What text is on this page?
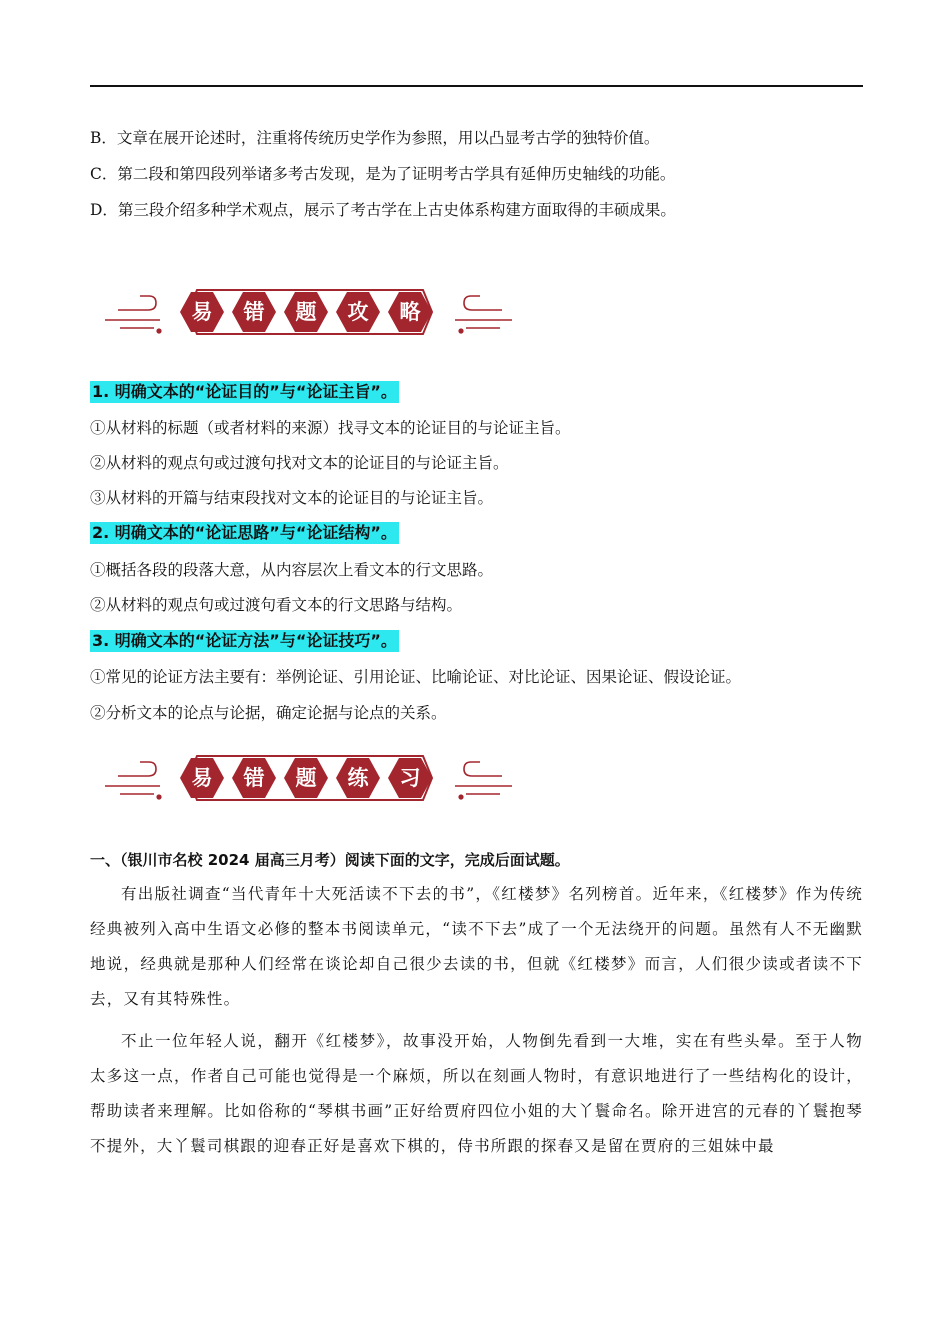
B．文章在展开论述时，注重将传统历史学作为参照，用以凸显考古学的独特价值。
C．第二段和第四段列举诸多考古发现，是为了证明考古学具有延伸历史轴线的功能。
D．第三段介绍多种学术观点，展示了考古学在上古史体系构建方面取得的丰硕成果。
易 错 题 攻 略
1. 明确文本的“论证目的”与“论证主旨”。
①从材料的标题（或者材料的来源）找寻文本的论证目的与论证主旨。
②从材料的观点句或过渡句找对文本的论证目的与论证主旨。
③从材料的开篇与结束段找对文本的论证目的与论证主旨。
2. 明确文本的“论证思路”与“论证结构”。
①概括各段的段落大意，从内容层次上看文本的行文思路。
②从材料的观点句或过渡句看文本的行文思路与结构。
3. 明确文本的“论证方法”与“论证技巧”。
①常见的论证方法主要有：举例论证、引用论证、比喻论证、对比论证、因果论证、假设论证。
②分析文本的论点与论据，确定论据与论点的关系。
易 错 题 练 习
一、（银川市名校 2024 届高三月考）阅读下面的文字，完成后面试题。

有出版社调查“当代青年十大死活读不下去的书”，《红楼梦》名列榜首。近年来，《红楼梦》作为传统经典被列入高中生语文必修的整本书阅读单元，“读不下去”成了一个无法绕开的问题。虽然有人不无幽默地说，经典就是那种人们经常在谈论却自己很少去读的书，但就《红楼梦》而言，人们很少读或者读不下去，又有其特殊性。

不止一位年轻人说，翻开《红楼梦》，故事没开始，人物倒先看到一大堆，实在有些头晕。至于人物太多这一点，作者自己可能也觉得是一个麻烦，所以在刻画人物时，有意识地进行了一些结构化的设计，帮助读者来理解。比如俗称的“琴棋书画”正好给贾府四位小姐的大丫鬟命名。除开进宫的元春的丫鬟抱琴不提外，大丫鬟司棋跟的迎春正好是喜欢下棋的，侍书所跟的探春又是留在贾府的三姐妹中最
